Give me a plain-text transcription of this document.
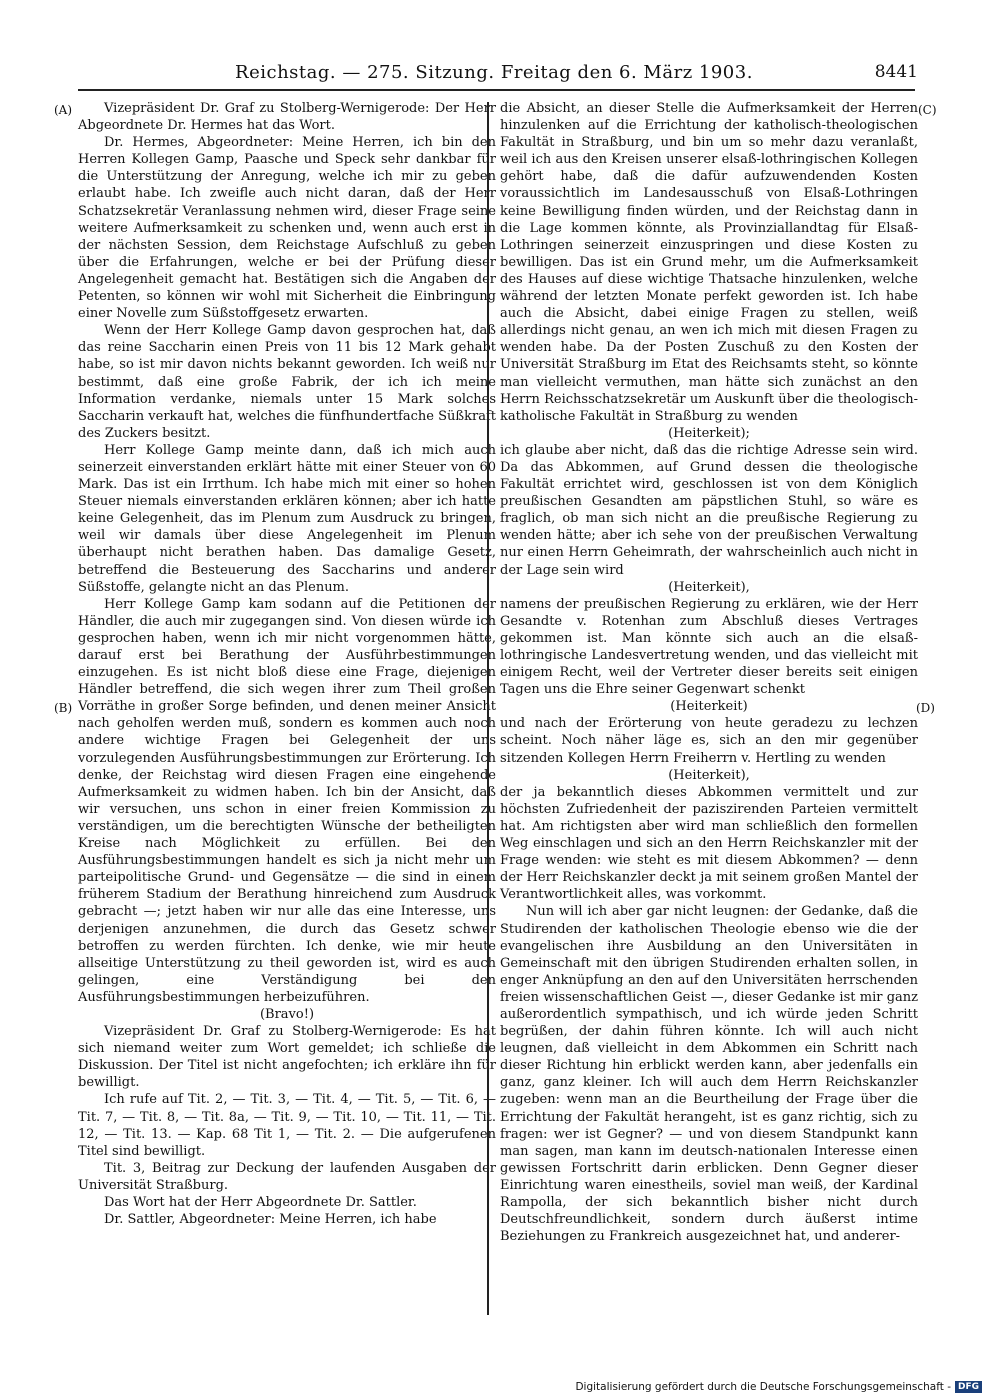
Reichstag. — 275. Sitzung. Freitag den 6. März 1903.	8441
(A)
(B)
(C)
(D)

Vizepräsident Dr. Graf zu Stolberg-Wernigerode: Der Herr Abgeordnete Dr. Hermes hat das Wort.

Dr. Hermes, Abgeordneter: Meine Herren, ich bin den Herren Kollegen Gamp, Paasche und Speck sehr dankbar für die Unterstützung der Anregung, welche ich mir zu geben erlaubt habe. Ich zweifle auch nicht daran, daß der Herr Schatzsekretär Veranlassung nehmen wird, dieser Frage seine weitere Aufmerksamkeit zu schenken und, wenn auch erst in der nächsten Session, dem Reichstage Aufschluß zu geben über die Erfahrungen, welche er bei der Prüfung dieser Angelegenheit gemacht hat. Bestätigen sich die Angaben der Petenten, so können wir wohl mit Sicherheit die Einbringung einer Novelle zum Süßstoffgesetz erwarten.

Wenn der Herr Kollege Gamp davon gesprochen hat, daß das reine Saccharin einen Preis von 11 bis 12 Mark gehabt habe, so ist mir davon nichts bekannt geworden. Ich weiß nur bestimmt, daß eine große Fabrik, der ich ich meine Information verdanke, niemals unter 15 Mark solches Saccharin verkauft hat, welches die fünfhundertfache Süßkraft des Zuckers besitzt.

Herr Kollege Gamp meinte dann, daß ich mich auch seinerzeit einverstanden erklärt hätte mit einer Steuer von 60 Mark. Das ist ein Irrthum. Ich habe mich mit einer so hohen Steuer niemals einverstanden erklären können; aber ich hatte keine Gelegenheit, das im Plenum zum Ausdruck zu bringen, weil wir damals über diese Angelegenheit im Plenum überhaupt nicht berathen haben. Das damalige Gesetz, betreffend die Besteuerung des Saccharins und anderer Süßstoffe, gelangte nicht an das Plenum.

Herr Kollege Gamp kam sodann auf die Petitionen der Händler, die auch mir zugegangen sind. Von diesen würde ich gesprochen haben, wenn ich mir nicht vorgenommen hätte, darauf erst bei Berathung der Ausführbestimmungen einzugehen. Es ist nicht bloß diese eine Frage, diejenigen Händler betreffend, die sich wegen ihrer zum Theil großen Vorräthe in großer Sorge befinden, und denen meiner Ansicht nach geholfen werden muß, sondern es kommen auch noch andere wichtige Fragen bei Gelegenheit der uns vorzulegenden Ausführungsbestimmungen zur Erörterung. Ich denke, der Reichstag wird diesen Fragen eine eingehende Aufmerksamkeit zu widmen haben. Ich bin der Ansicht, daß wir versuchen, uns schon in einer freien Kommission zu verständigen, um die berechtigten Wünsche der betheiligten Kreise nach Möglichkeit zu erfüllen. Bei den Ausführungsbestimmungen handelt es sich ja nicht mehr um parteipolitische Grund- und Gegensätze — die sind in einem früherem Stadium der Berathung hinreichend zum Ausdruck gebracht —; jetzt haben wir nur alle das eine Interesse, uns derjenigen anzunehmen, die durch das Gesetz schwer betroffen zu werden fürchten. Ich denke, wie mir heute allseitige Unterstützung zu theil geworden ist, wird es auch gelingen, eine Verständigung bei den Ausführungsbestimmungen herbeizuführen.

(Bravo!)

Vizepräsident Dr. Graf zu Stolberg-Wernigerode: Es hat sich niemand weiter zum Wort gemeldet; ich schließe die Diskussion. Der Titel ist nicht angefochten; ich erkläre ihn für bewilligt.

Ich rufe auf Tit. 2, — Tit. 3, — Tit. 4, — Tit. 5, — Tit. 6, — Tit. 7, — Tit. 8, — Tit. 8a, — Tit. 9, — Tit. 10, — Tit. 11, — Tit. 12, — Tit. 13. — Kap. 68 Tit 1, — Tit. 2. — Die aufgerufenen Titel sind bewilligt.

Tit. 3, Beitrag zur Deckung der laufenden Ausgaben der Universität Straßburg.

Das Wort hat der Herr Abgeordnete Dr. Sattler.

Dr. Sattler, Abgeordneter: Meine Herren, ich habe

die Absicht, an dieser Stelle die Aufmerksamkeit der Herren hinzulenken auf die Errichtung der katholisch-theologischen Fakultät in Straßburg, und bin um so mehr dazu veranlaßt, weil ich aus den Kreisen unserer elsaß-lothringischen Kollegen gehört habe, daß die dafür aufzuwendenden Kosten voraussichtlich im Landesausschuß von Elsaß-Lothringen keine Bewilligung finden würden, und der Reichstag dann in die Lage kommen könnte, als Provinziallandtag für Elsaß-Lothringen seinerzeit einzuspringen und diese Kosten zu bewilligen. Das ist ein Grund mehr, um die Aufmerksamkeit des Hauses auf diese wichtige Thatsache hinzulenken, welche während der letzten Monate perfekt geworden ist. Ich habe auch die Absicht, dabei einige Fragen zu stellen, weiß allerdings nicht genau, an wen ich mich mit diesen Fragen zu wenden habe. Da der Posten Zuschuß zu den Kosten der Universität Straßburg im Etat des Reichsamts steht, so könnte man vielleicht vermuthen, man hätte sich zunächst an den Herrn Reichsschatzsekretär um Auskunft über die theologisch-katholische Fakultät in Straßburg zu wenden

(Heiterkeit);

ich glaube aber nicht, daß das die richtige Adresse sein wird. Da das Abkommen, auf Grund dessen die theologische Fakultät errichtet wird, geschlossen ist von dem Königlich preußischen Gesandten am päpstlichen Stuhl, so wäre es fraglich, ob man sich nicht an die preußische Regierung zu wenden hätte; aber ich sehe von der preußischen Verwaltung nur einen Herrn Geheimrath, der wahrscheinlich auch nicht in der Lage sein wird

(Heiterkeit),

namens der preußischen Regierung zu erklären, wie der Herr Gesandte v. Rotenhan zum Abschluß dieses Vertrages gekommen ist. Man könnte sich auch an die elsaß-lothringische Landesvertretung wenden, und das vielleicht mit einigem Recht, weil der Vertreter dieser bereits seit einigen Tagen uns die Ehre seiner Gegenwart schenkt

(Heiterkeit)

und nach der Erörterung von heute geradezu zu lechzen scheint. Noch näher läge es, sich an den mir gegenüber sitzenden Kollegen Herrn Freiherrn v. Hertling zu wenden

(Heiterkeit),

der ja bekanntlich dieses Abkommen vermittelt und zur höchsten Zufriedenheit der paziszirenden Parteien vermittelt hat. Am richtigsten aber wird man schließlich den formellen Weg einschlagen und sich an den Herrn Reichskanzler mit der Frage wenden: wie steht es mit diesem Abkommen? — denn der Herr Reichskanzler deckt ja mit seinem großen Mantel der Verantwortlichkeit alles, was vorkommt.

Nun will ich aber gar nicht leugnen: der Gedanke, daß die Studirenden der katholischen Theologie ebenso wie die der evangelischen ihre Ausbildung an den Universitäten in Gemeinschaft mit den übrigen Studirenden erhalten sollen, in enger Anknüpfung an den auf den Universitäten herrschenden freien wissenschaftlichen Geist —, dieser Gedanke ist mir ganz außerordentlich sympathisch, und ich würde jeden Schritt begrüßen, der dahin führen könnte. Ich will auch nicht leugnen, daß vielleicht in dem Abkommen ein Schritt nach dieser Richtung hin erblickt werden kann, aber jedenfalls ein ganz, ganz kleiner. Ich will auch dem Herrn Reichskanzler zugeben: wenn man an die Beurtheilung der Frage über die Errichtung der Fakultät herangeht, ist es ganz richtig, sich zu fragen: wer ist Gegner? — und von diesem Standpunkt kann man sagen, man kann im deutsch-nationalen Interesse einen gewissen Fortschritt darin erblicken. Denn Gegner dieser Einrichtung waren einestheils, soviel man weiß, der Kardinal Rampolla, der sich bekanntlich bisher nicht durch Deutschfreundlichkeit, sondern durch äußerst intime Beziehungen zu Frankreich ausgezeichnet hat, und anderer-

Digitalisierung gefördert durch die Deutsche Forschungsgemeinschaft - DFG
